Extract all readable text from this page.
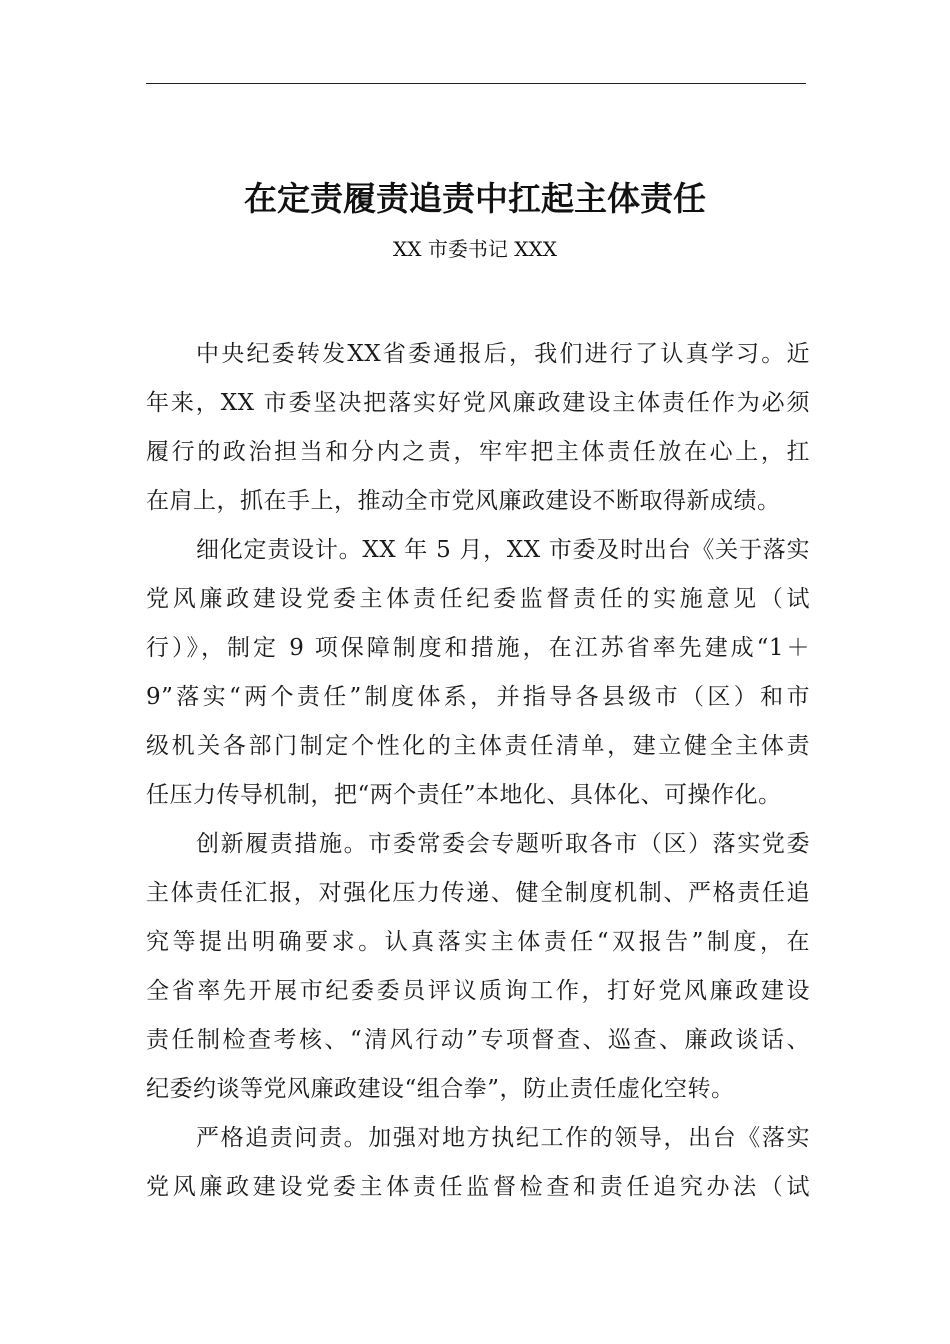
在定责履责追责中扛起主体责任
XX 市委书记 XXX
中央纪委转发XX省委通报后，我们进行了认真学习。近
年来，XX 市委坚决把落实好党风廉政建设主体责任作为必须
履行的政治担当和分内之责，牢牢把主体责任放在心上，扛
在肩上，抓在手上，推动全市党风廉政建设不断取得新成绩。
细化定责设计。XX 年 5 月，XX 市委及时出台《关于落实
党风廉政建设党委主体责任纪委监督责任的实施意见（试
行）》，制定 9 项保障制度和措施，在江苏省率先建成“1＋
9”落实“两个责任”制度体系，并指导各县级市（区）和市
级机关各部门制定个性化的主体责任清单，建立健全主体责
任压力传导机制，把“两个责任”本地化、具体化、可操作化。
创新履责措施。市委常委会专题听取各市（区）落实党委
主体责任汇报，对强化压力传递、健全制度机制、严格责任追
究等提出明确要求。认真落实主体责任“双报告”制度，在
全省率先开展市纪委委员评议质询工作，打好党风廉政建设
责任制检查考核、“清风行动”专项督查、巡查、廉政谈话、
纪委约谈等党风廉政建设“组合拳”，防止责任虚化空转。
严格追责问责。加强对地方执纪工作的领导，出台《落实
党风廉政建设党委主体责任监督检查和责任追究办法（试
